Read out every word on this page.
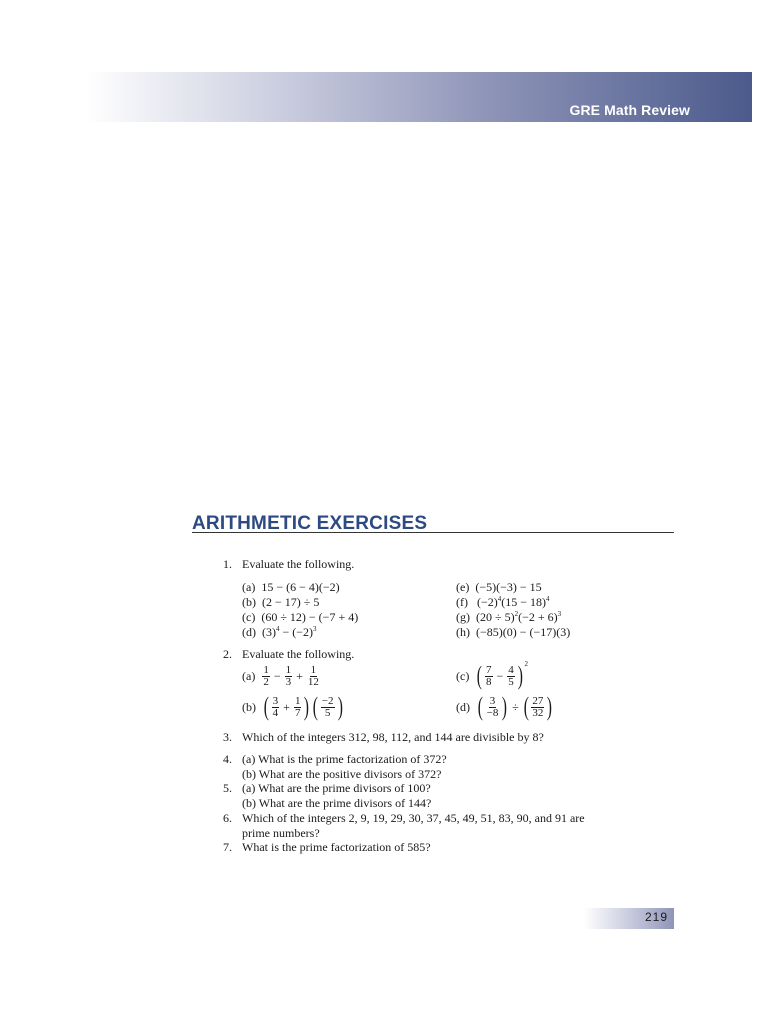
GRE Math Review
ARITHMETIC EXERCISES
1. Evaluate the following.
(a) 15 − (6 − 4)(−2)
(b) (2 − 17) ÷ 5
(c) (60 ÷ 12) − (−7 + 4)
(d) $(3)^4 - (-2)^3$
(e) (−5)(−3) − 15
(f) $(-2)^4(15 - 18)^4$
(g) $(20 \div 5)^2(-2 + 6)^3$
(h) (−85)(0) − (−17)(3)
2. Evaluate the following.
$(a) \frac{1}{2} - \frac{1}{3} + \frac{1}{12}$
(b) ( $\frac{3}{4} + \frac{1}{7}$ ) ( $\frac{-2}{5}$ )
(c) ( $\frac{7}{8} - \frac{4}{5}$ ) 2
(d) ( $\frac{3}{-8}$ ) ÷ ( $\frac{27}{32}$ )
3. Which of the integers 312, 98, 112, and 144 are divisible by 8?
4. (a) What is the prime factorization of 372?
(b) What are the positive divisors of 372?
5. (a) What are the prime divisors of 100?
(b) What are the prime divisors of 144?
6. Which of the integers 2, 9, 19, 29, 30, 37, 45, 49, 51, 83, 90, and 91 are
prime numbers?
7. What is the prime factorization of 585?
219
